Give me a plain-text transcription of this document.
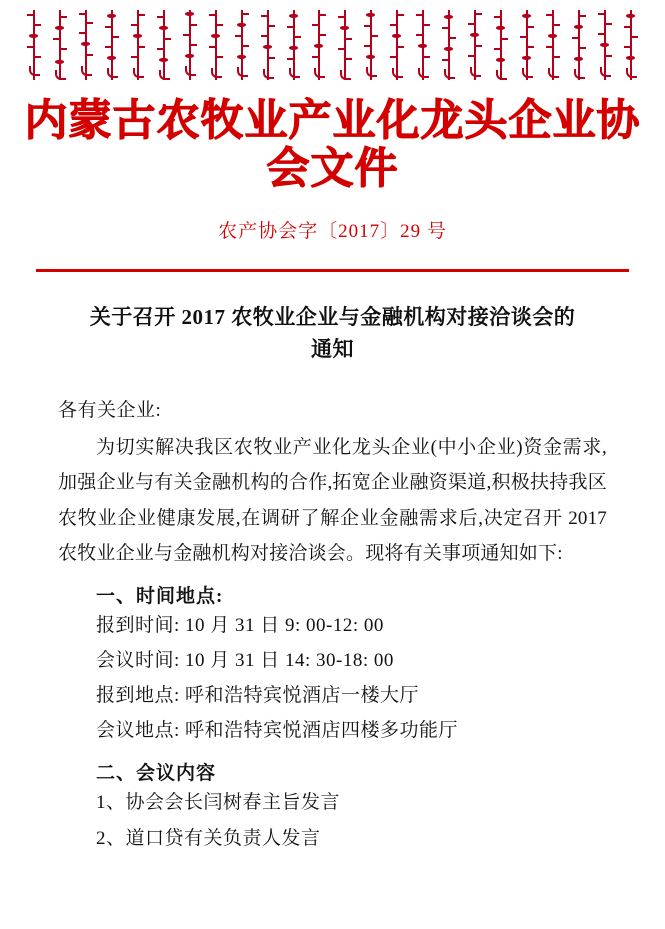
内蒙古农牧业产业化龙头企业协会文件
农产协会字〔2017〕29 号
关于召开 2017 农牧业企业与金融机构对接洽谈会的
通知
各有关企业:

为切实解决我区农牧业产业化龙头企业(中小企业)资金需求,加强企业与有关金融机构的合作,拓宽企业融资渠道,积极扶持我区农牧业企业健康发展,在调研了解企业金融需求后,决定召开 2017 农牧业企业与金融机构对接洽谈会。现将有关事项通知如下:

一、时间地点:
报到时间: 10 月 31 日 9: 00-12: 00
会议时间: 10 月 31 日 14: 30-18: 00
报到地点: 呼和浩特宾悦酒店一楼大厅
会议地点: 呼和浩特宾悦酒店四楼多功能厅
二、会议内容
1、协会会长闫树春主旨发言
2、道口贷有关负责人发言
